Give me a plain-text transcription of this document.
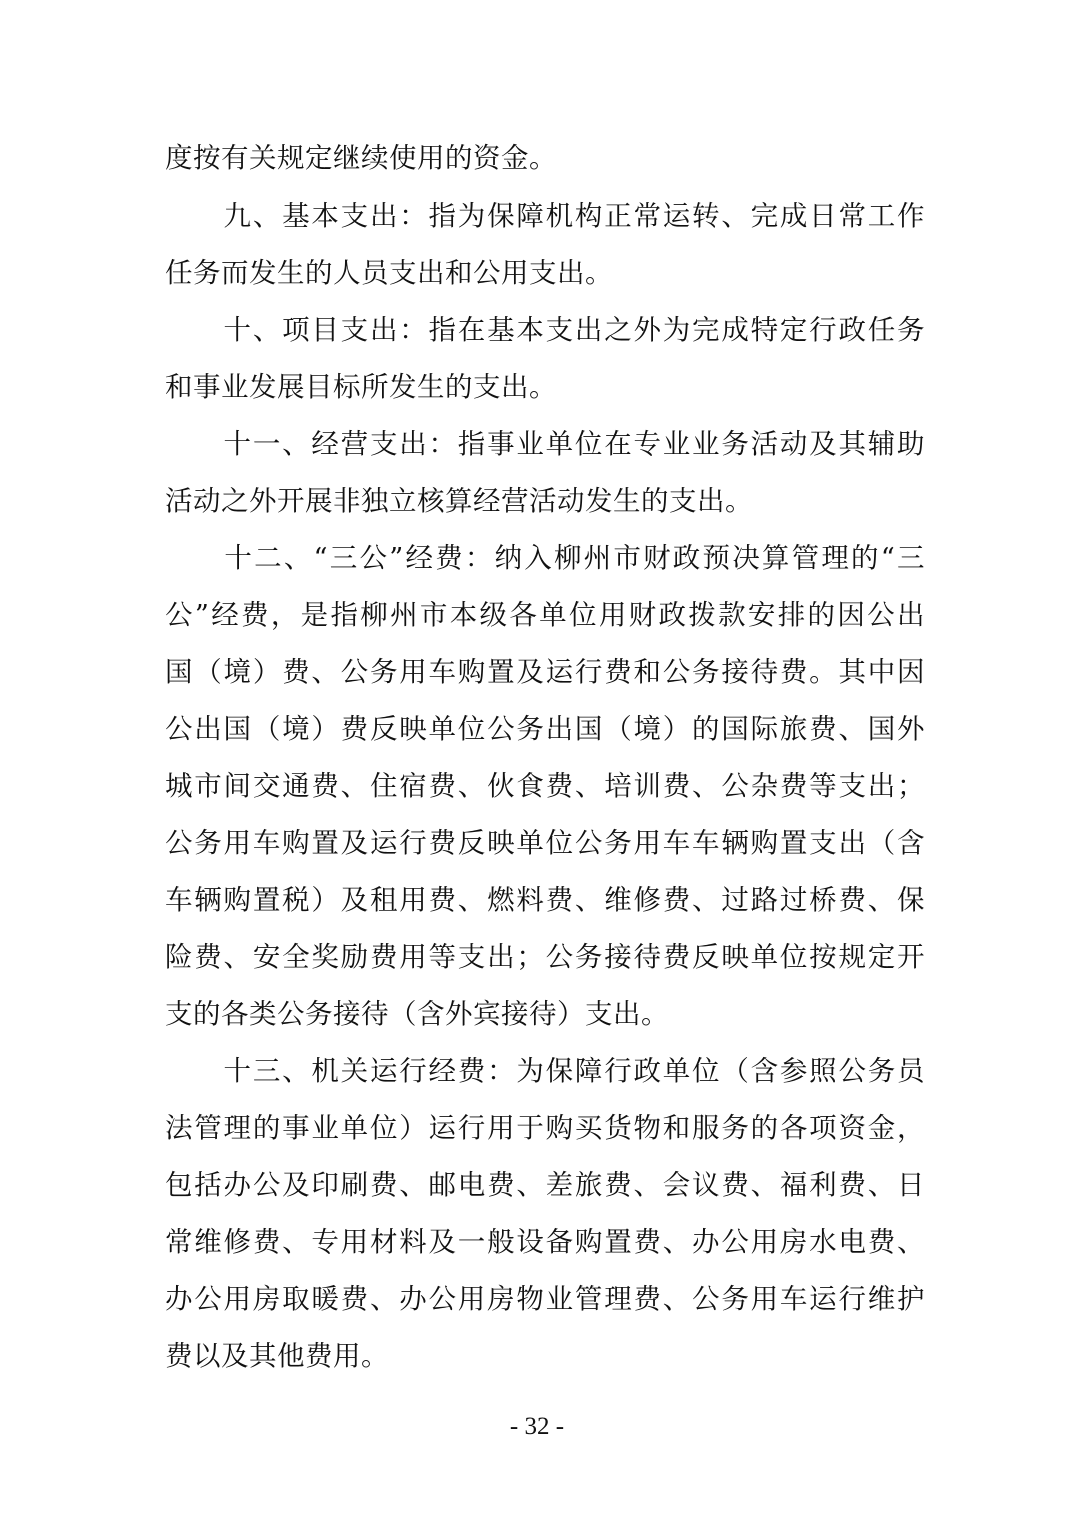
度按有关规定继续使用的资金。

　　九、基本支出：指为保障机构正常运转、完成日常工作

任务而发生的人员支出和公用支出。

　　十、项目支出：指在基本支出之外为完成特定行政任务

和事业发展目标所发生的支出。

　　十一、经营支出：指事业单位在专业业务活动及其辅助

活动之外开展非独立核算经营活动发生的支出。

　　十二、“三公”经费：纳入柳州市财政预决算管理的“三

公”经费，是指柳州市本级各单位用财政拨款安排的因公出

国（境）费、公务用车购置及运行费和公务接待费。其中因

公出国（境）费反映单位公务出国（境）的国际旅费、国外

城市间交通费、住宿费、伙食费、培训费、公杂费等支出；

公务用车购置及运行费反映单位公务用车车辆购置支出（含

车辆购置税）及租用费、燃料费、维修费、过路过桥费、保

险费、安全奖励费用等支出；公务接待费反映单位按规定开

支的各类公务接待（含外宾接待）支出。

　　十三、机关运行经费：为保障行政单位（含参照公务员

法管理的事业单位）运行用于购买货物和服务的各项资金，

包括办公及印刷费、邮电费、差旅费、会议费、福利费、日

常维修费、专用材料及一般设备购置费、办公用房水电费、

办公用房取暖费、办公用房物业管理费、公务用车运行维护

费以及其他费用。

- 32 -
